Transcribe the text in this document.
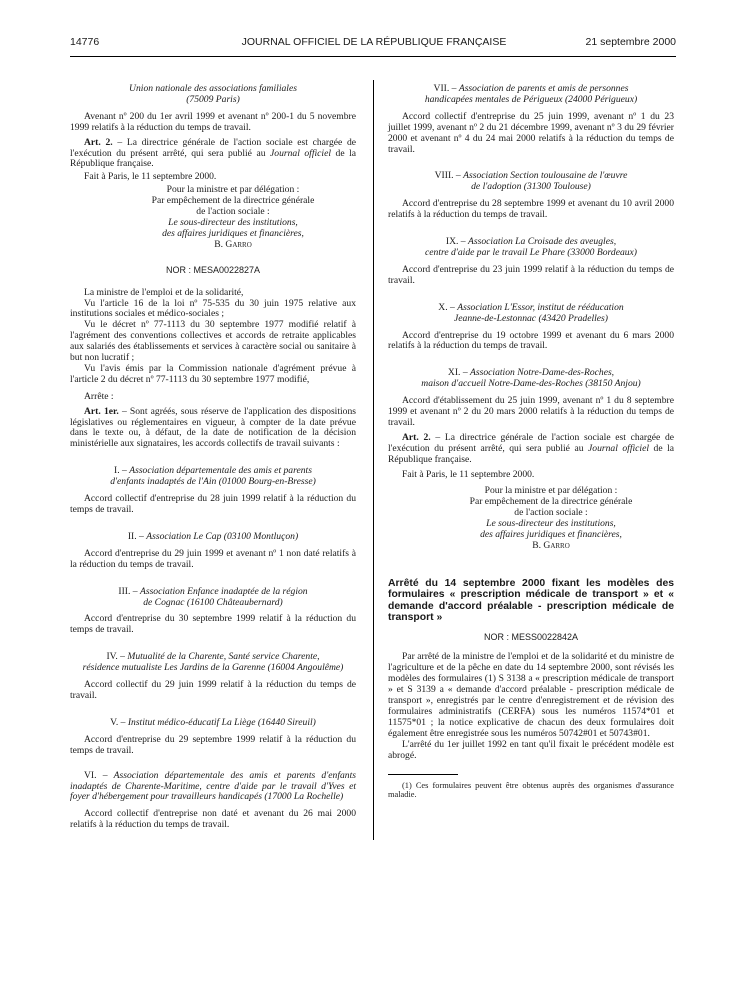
14776	JOURNAL OFFICIEL DE LA RÉPUBLIQUE FRANÇAISE	21 septembre 2000

Union nationale des associations familiales

(75009 Paris)

Avenant nº 200 du 1er avril 1999 et avenant nº 200-1 du 5 novembre 1999 relatifs à la réduction du temps de travail.

Art. 2. – La directrice générale de l'action sociale est chargée de l'exécution du présent arrêté, qui sera publié au Journal officiel de la République française.

Fait à Paris, le 11 septembre 2000.

Pour la ministre et par délégation :

Par empêchement de la directrice générale

de l'action sociale :

Le sous-directeur des institutions,

des affaires juridiques et financières,

B. Garro

NOR : MESA0022827A

La ministre de l'emploi et de la solidarité,

Vu l'article 16 de la loi nº 75-535 du 30 juin 1975 relative aux institutions sociales et médico-sociales ;

Vu le décret nº 77-1113 du 30 septembre 1977 modifié relatif à l'agrément des conventions collectives et accords de retraite applicables aux salariés des établissements et services à caractère social ou sanitaire à but non lucratif ;

Vu l'avis émis par la Commission nationale d'agrément prévue à l'article 2 du décret nº 77-1113 du 30 septembre 1977 modifié,

Arrête :

Art. 1er. – Sont agréés, sous réserve de l'application des dispositions législatives ou réglementaires en vigueur, à compter de la date prévue dans le texte ou, à défaut, de la date de notification de la décision ministérielle aux signataires, les accords collectifs de travail suivants :

I. – Association départementale des amis et parents
d'enfants inadaptés de l'Ain (01000 Bourg-en-Bresse)

Accord collectif d'entreprise du 28 juin 1999 relatif à la réduction du temps de travail.

II. – Association Le Cap (03100 Montluçon)

Accord d'entreprise du 29 juin 1999 et avenant nº 1 non daté relatifs à la réduction du temps de travail.

III. – Association Enfance inadaptée de la région
de Cognac (16100 Châteaubernard)

Accord d'entreprise du 30 septembre 1999 relatif à la réduction du temps de travail.

IV. – Mutualité de la Charente, Santé service Charente,
résidence mutualiste Les Jardins de la Garenne (16004 Angoulême)

Accord collectif du 29 juin 1999 relatif à la réduction du temps de travail.

V. – Institut médico-éducatif La Liège (16440 Sireuil)

Accord d'entreprise du 29 septembre 1999 relatif à la réduction du temps de travail.

VI. – Association départementale des amis et parents d'enfants inadaptés de Charente-Maritime, centre d'aide par le travail d'Yves et foyer d'hébergement pour travailleurs handicapés (17000 La Rochelle)

Accord collectif d'entreprise non daté et avenant du 26 mai 2000 relatifs à la réduction du temps de travail.

VII. – Association de parents et amis de personnes
handicapées mentales de Périgueux (24000 Périgueux)

Accord collectif d'entreprise du 25 juin 1999, avenant nº 1 du 23 juillet 1999, avenant nº 2 du 21 décembre 1999, avenant nº 3 du 29 février 2000 et avenant nº 4 du 24 mai 2000 relatifs à la réduction du temps de travail.

VIII. – Association Section toulousaine de l'œuvre
de l'adoption (31300 Toulouse)

Accord d'entreprise du 28 septembre 1999 et avenant du 10 avril 2000 relatifs à la réduction du temps de travail.

IX. – Association La Croisade des aveugles,
centre d'aide par le travail Le Phare (33000 Bordeaux)

Accord d'entreprise du 23 juin 1999 relatif à la réduction du temps de travail.

X. – Association L'Essor, institut de rééducation
Jeanne-de-Lestonnac (43420 Pradelles)

Accord d'entreprise du 19 octobre 1999 et avenant du 6 mars 2000 relatifs à la réduction du temps de travail.

XI. – Association Notre-Dame-des-Roches,
maison d'accueil Notre-Dame-des-Roches (38150 Anjou)

Accord d'établissement du 25 juin 1999, avenant nº 1 du 8 septembre 1999 et avenant nº 2 du 20 mars 2000 relatifs à la réduction du temps de travail.

Art. 2. – La directrice générale de l'action sociale est chargée de l'exécution du présent arrêté, qui sera publié au Journal officiel de la République française.

Fait à Paris, le 11 septembre 2000.

Pour la ministre et par délégation :

Par empêchement de la directrice générale

de l'action sociale :

Le sous-directeur des institutions,

des affaires juridiques et financières,

B. Garro

Arrêté du 14 septembre 2000 fixant les modèles des formulaires « prescription médicale de transport » et « demande d'accord préalable - prescription médicale de transport »

NOR : MESS0022842A

Par arrêté de la ministre de l'emploi et de la solidarité et du ministre de l'agriculture et de la pêche en date du 14 septembre 2000, sont révisés les modèles des formulaires (1) S 3138 a « prescription médicale de transport » et S 3139 a « demande d'accord préalable - prescription médicale de transport », enregistrés par le centre d'enregistrement et de révision des formulaires administratifs (CERFA) sous les numéros 11574*01 et 11575*01 ; la notice explicative de chacun des deux formulaires doit également être enregistrée sous les numéros 50742#01 et 50743#01.

L'arrêté du 1er juillet 1992 en tant qu'il fixait le précédent modèle est abrogé.

(1) Ces formulaires peuvent être obtenus auprès des organismes d'assurance maladie.
